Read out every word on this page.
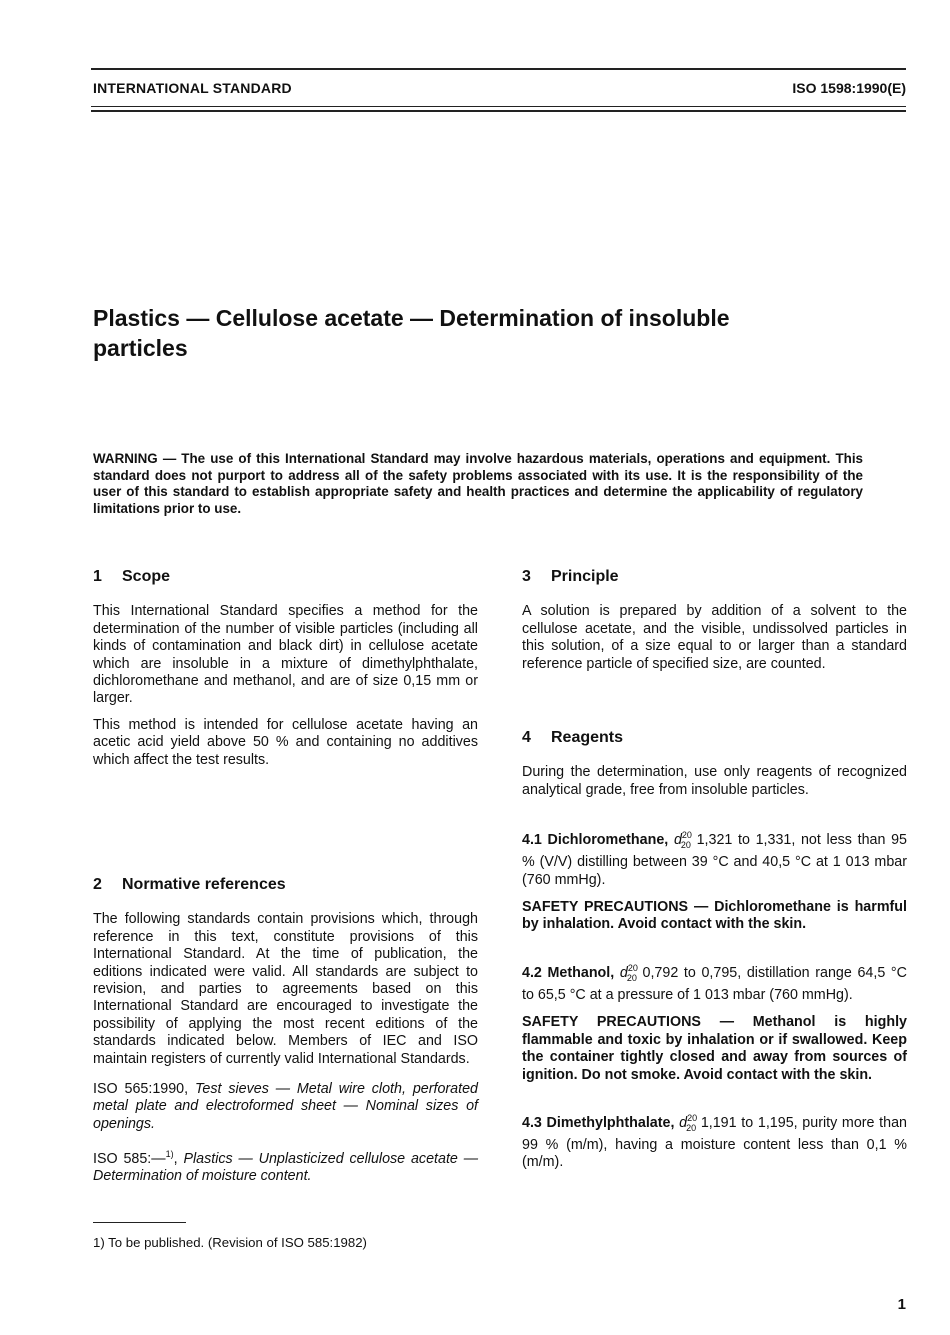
INTERNATIONAL STANDARD	ISO 1598:1990(E)
Plastics — Cellulose acetate — Determination of insoluble
particles
WARNING — The use of this International Standard may involve hazardous materials, operations and equipment. This standard does not purport to address all of the safety problems associated with its use. It is the responsibility of the user of this standard to establish appropriate safety and health practices and determine the applicability of regulatory limitations prior to use.
1 Scope
This International Standard specifies a method for the determination of the number of visible particles (including all kinds of contamination and black dirt) in cellulose acetate which are insoluble in a mixture of dimethylphthalate, dichloromethane and methanol, and are of size 0,15 mm or larger.
This method is intended for cellulose acetate having an acetic acid yield above 50 % and containing no additives which affect the test results.
2 Normative references
The following standards contain provisions which, through reference in this text, constitute provisions of this International Standard. At the time of publication, the editions indicated were valid. All standards are subject to revision, and parties to agreements based on this International Standard are encouraged to investigate the possibility of applying the most recent editions of the standards indicated below. Members of IEC and ISO maintain registers of currently valid International Standards.
ISO 565:1990, Test sieves — Metal wire cloth, perforated metal plate and electroformed sheet — Nominal sizes of openings.
ISO 585:—$^{1)}$, Plastics — Unplasticized cellulose acetate — Determination of moisture content.
3 Principle
A solution is prepared by addition of a solvent to the cellulose acetate, and the visible, undissolved particles in this solution, of a size equal to or larger than a standard reference particle of specified size, are counted.
4 Reagents
During the determination, use only reagents of recognized analytical grade, free from insoluble particles.
4.1 Dichloromethane, $d^{20}_{20}$ 1,321 to 1,331, not less than 95 % (V/V) distilling between 39 °C and 40,5 °C at 1 013 mbar (760 mmHg).
SAFETY PRECAUTIONS — Dichloromethane is harmful by inhalation. Avoid contact with the skin.
4.2 Methanol, $d^{20}_{20}$ 0,792 to 0,795, distillation range 64,5 °C to 65,5 °C at a pressure of 1 013 mbar (760 mmHg).
SAFETY PRECAUTIONS — Methanol is highly flammable and toxic by inhalation or if swallowed. Keep the container tightly closed and away from sources of ignition. Do not smoke. Avoid contact with the skin.
4.3 Dimethylphthalate, $d^{20}_{20}$ 1,191 to 1,195, purity more than 99 % (m/m), having a moisture content less than 0,1 % (m/m).
1) To be published. (Revision of ISO 585:1982)
1
